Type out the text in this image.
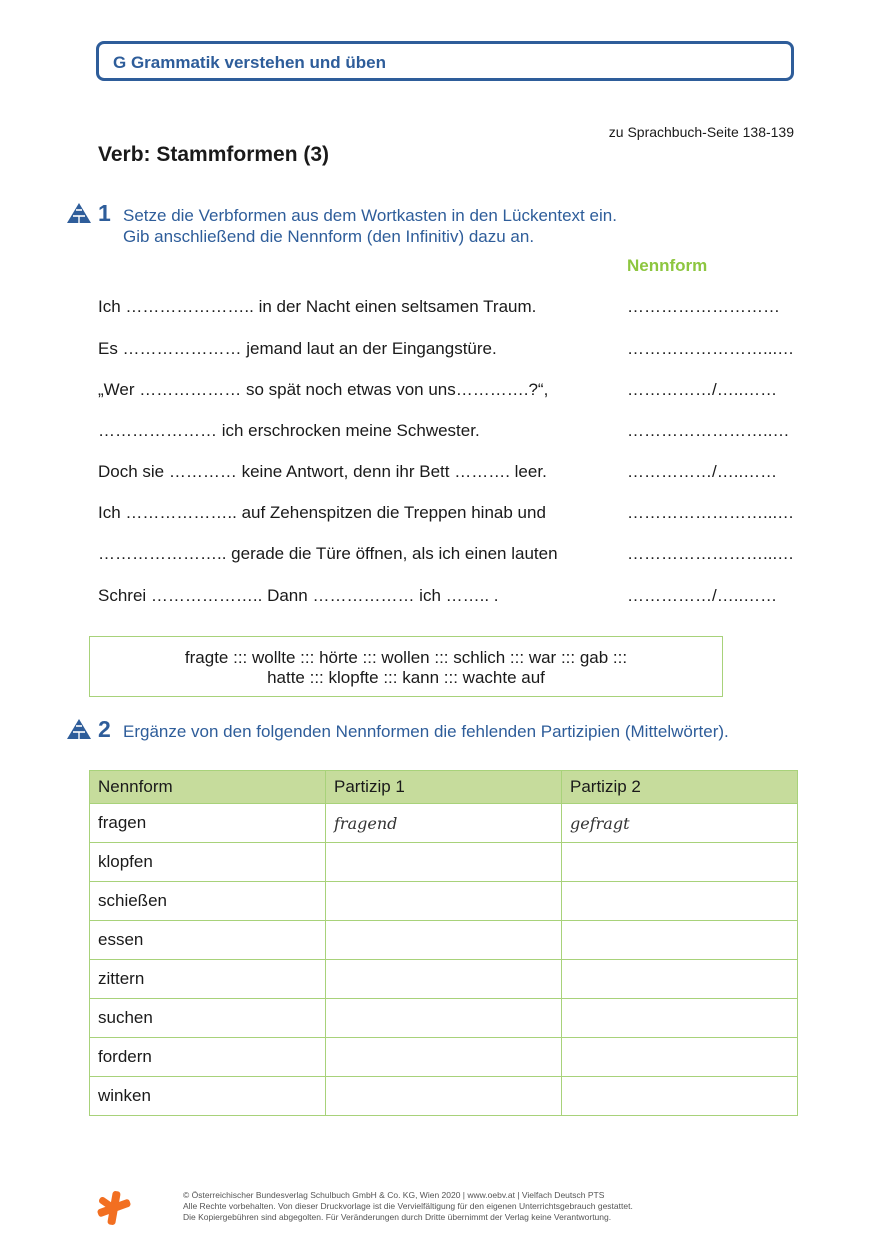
G Grammatik verstehen und üben
zu Sprachbuch-Seite 138-139
Verb: Stammformen (3)
1 Setze die Verbformen aus dem Wortkasten in den Lückentext ein.
Gib anschließend die Nennform (den Infinitiv) dazu an.
Nennform
Ich ………………….. in der Nacht einen seltsamen Traum.	………………………
Es ………………… jemand laut an der Eingangstüre.	……………………...…
„Wer ……………… so spät noch etwas von uns………….?“,	……………/…..……
………………… ich erschrocken meine Schwester.	……………………..…
Doch sie ………… keine Antwort, denn ihr Bett ………. leer.	……………/…..……
Ich ……………….. auf Zehenspitzen die Treppen hinab und	……………………...…
………………….. gerade die Türe öffnen, als ich einen lauten	……………………...…
Schrei ……………….. Dann ……………… ich …….. .	……………/…..……
fragte ::: wollte ::: hörte ::: wollen ::: schlich ::: war ::: gab :::
hatte ::: klopfte ::: kann ::: wachte auf
2 Ergänze von den folgenden Nennformen die fehlenden Partizipien (Mittelwörter).
Nennform	Partizip 1	Partizip 2
fragen	fragend	gefragt
klopfen		
schießen		
essen		
zittern		
suchen		
fordern		
winken		
© Österreichischer Bundesverlag Schulbuch GmbH & Co. KG, Wien 2020 | www.oebv.at | Vielfach Deutsch PTS
Alle Rechte vorbehalten. Von dieser Druckvorlage ist die Vervielfältigung für den eigenen Unterrichtsgebrauch gestattet.
Die Kopiergebühren sind abgegolten. Für Veränderungen durch Dritte übernimmt der Verlag keine Verantwortung.
